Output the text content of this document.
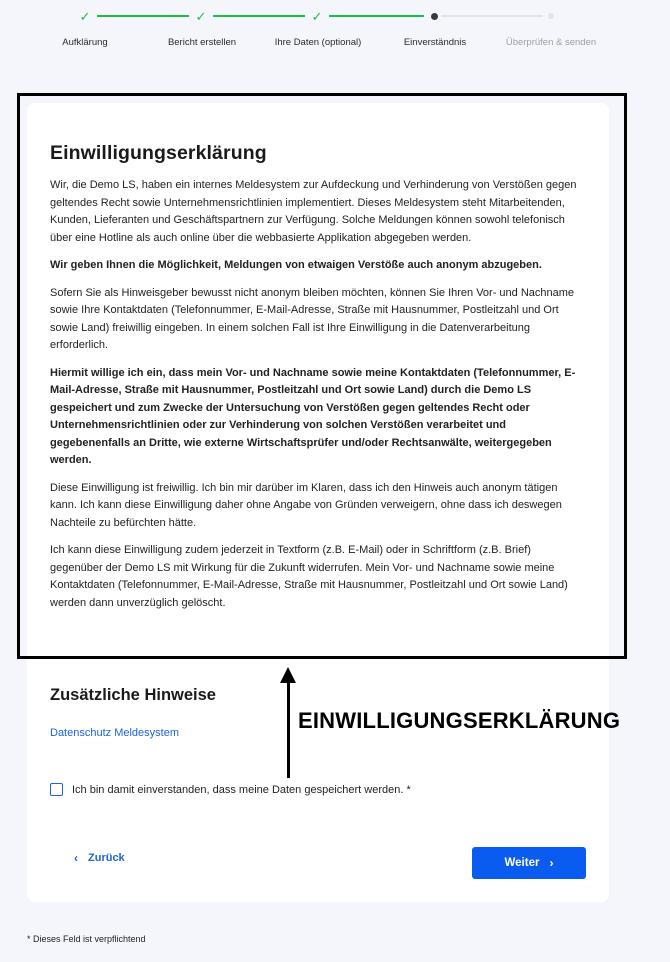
✓	✓	✓
Aufklärung	Bericht erstellen	Ihre Daten (optional)	Einverständnis	Überprüfen & senden
Einwilligungserklärung

Wir, die Demo LS, haben ein internes Meldesystem zur Aufdeckung und Verhinderung von Verstößen gegen geltendes Recht sowie Unternehmensrichtlinien implementiert. Dieses Meldesystem steht Mitarbeitenden, Kunden, Lieferanten und Geschäftspartnern zur Verfügung. Solche Meldungen können sowohl telefonisch über eine Hotline als auch online über die webbasierte Applikation abgegeben werden.

Wir geben Ihnen die Möglichkeit, Meldungen von etwaigen Verstöße auch anonym abzugeben.

Sofern Sie als Hinweisgeber bewusst nicht anonym bleiben möchten, können Sie Ihren Vor- und Nachname sowie Ihre Kontaktdaten (Telefonnummer, E-Mail-Adresse, Straße mit Hausnummer, Postleitzahl und Ort sowie Land) freiwillig eingeben. In einem solchen Fall ist Ihre Einwilligung in die Datenverarbeitung erforderlich.

Hiermit willige ich ein, dass mein Vor- und Nachname sowie meine Kontaktdaten (Telefonnummer, E-Mail-Adresse, Straße mit Hausnummer, Postleitzahl und Ort sowie Land) durch die Demo LS gespeichert und zum Zwecke der Untersuchung von Verstößen gegen geltendes Recht oder Unternehmensrichtlinien oder zur Verhinderung von solchen Verstößen verarbeitet und gegebenenfalls an Dritte, wie externe Wirtschaftsprüfer und/oder Rechtsanwälte, weitergegeben werden.

Diese Einwilligung ist freiwillig. Ich bin mir darüber im Klaren, dass ich den Hinweis auch anonym tätigen kann. Ich kann diese Einwilligung daher ohne Angabe von Gründen verweigern, ohne dass ich deswegen Nachteile zu befürchten hätte.

Ich kann diese Einwilligung zudem jederzeit in Textform (z.B. E-Mail) oder in Schriftform (z.B. Brief) gegenüber der Demo LS mit Wirkung für die Zukunft widerrufen. Mein Vor- und Nachname sowie meine Kontaktdaten (Telefonnummer, E-Mail-Adresse, Straße mit Hausnummer, Postleitzahl und Ort sowie Land) werden dann unverzüglich gelöscht.

Zusätzliche Hinweise
Datenschutz Meldesystem	EINWILLIGUNGSERKLÄRUNG
Ich bin damit einverstanden, dass meine Daten gespeichert werden. *
‹ Zurück	Weiter ›
* Dieses Feld ist verpflichtend
